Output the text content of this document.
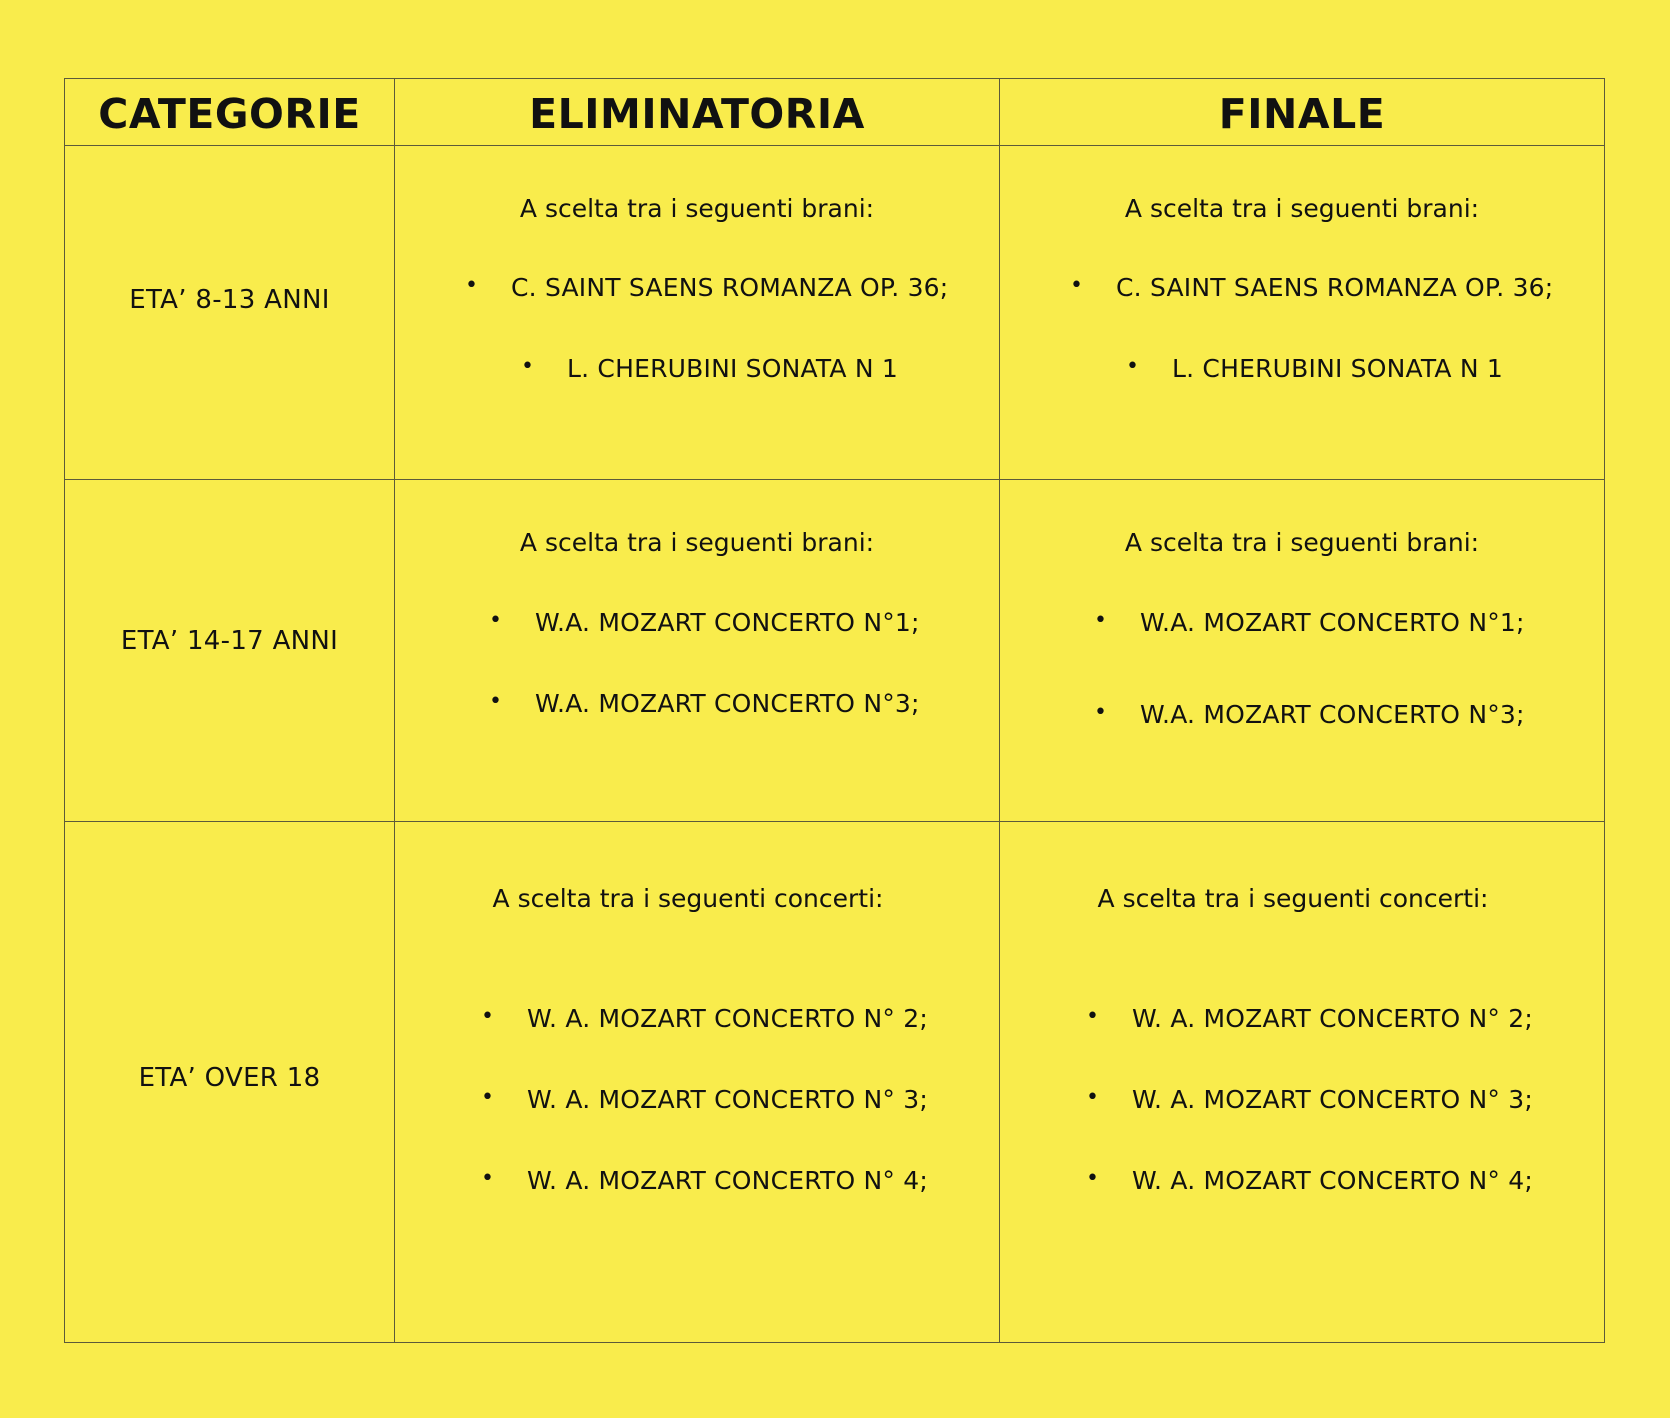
CATEGORIE	ELIMINATORIA	FINALE
ETA’ 8-13 ANNI
A scelta tra i seguenti brani:
• C. SAINT SAENS ROMANZA OP. 36;
• L. CHERUBINI SONATA N 1
A scelta tra i seguenti brani:
• C. SAINT SAENS ROMANZA OP. 36;
• L. CHERUBINI SONATA N 1
ETA’ 14-17 ANNI
A scelta tra i seguenti brani:
• W.A. MOZART CONCERTO N°1;
• W.A. MOZART CONCERTO N°3;
A scelta tra i seguenti brani:
• W.A. MOZART CONCERTO N°1;
• W.A. MOZART CONCERTO N°3;
ETA’ OVER 18
A scelta tra i seguenti concerti:
• W. A. MOZART CONCERTO N° 2;
• W. A. MOZART CONCERTO N° 3;
• W. A. MOZART CONCERTO N° 4;
A scelta tra i seguenti concerti:
• W. A. MOZART CONCERTO N° 2;
• W. A. MOZART CONCERTO N° 3;
• W. A. MOZART CONCERTO N° 4;
